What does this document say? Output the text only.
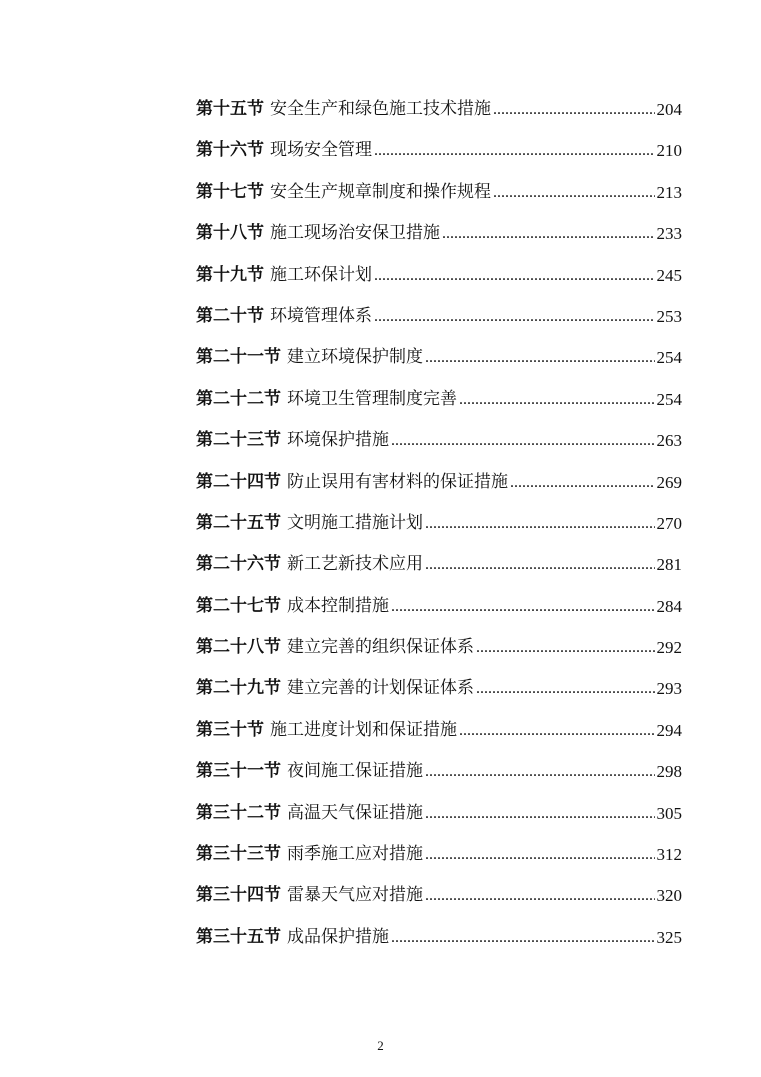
第十五节 安全生产和绿色施工技术措施 .....	204
第十六节 现场安全管理 .....	210
第十七节 安全生产规章制度和操作规程 .....	213
第十八节 施工现场治安保卫措施 .....	233
第十九节 施工环保计划 .....	245
第二十节 环境管理体系 .....	253
第二十一节 建立环境保护制度 .....	254
第二十二节 环境卫生管理制度完善 .....	254
第二十三节 环境保护措施 .....	263
第二十四节 防止误用有害材料的保证措施 .....	269
第二十五节 文明施工措施计划 .....	270
第二十六节 新工艺新技术应用 .....	281
第二十七节 成本控制措施 .....	284
第二十八节 建立完善的组织保证体系 .....	292
第二十九节 建立完善的计划保证体系 .....	293
第三十节 施工进度计划和保证措施 .....	294
第三十一节 夜间施工保证措施 .....	298
第三十二节 高温天气保证措施 .....	305
第三十三节 雨季施工应对措施 .....	312
第三十四节 雷暴天气应对措施 .....	320
第三十五节 成品保护措施 .....	325
2
